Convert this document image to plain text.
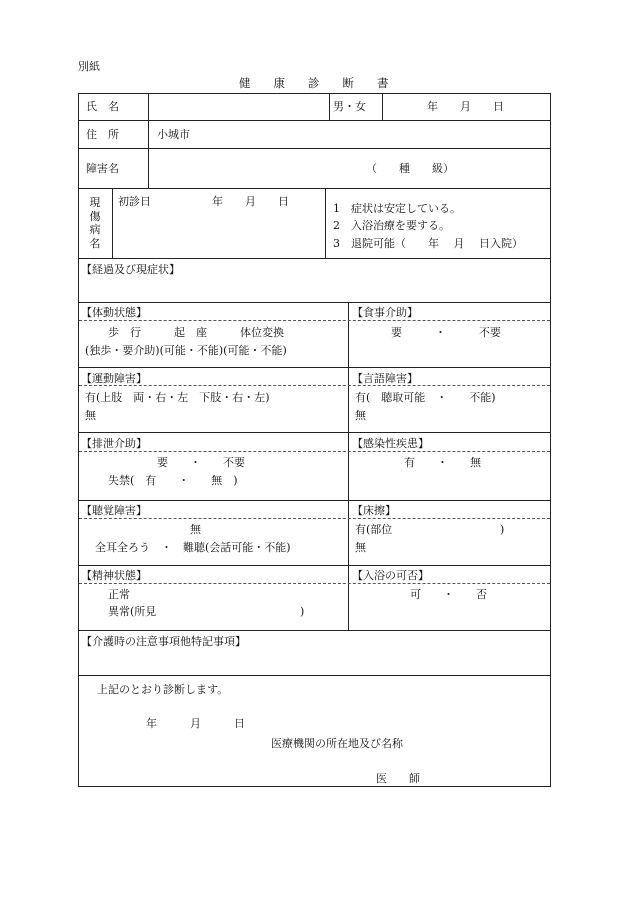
別紙
健　　康　　診　　断　　書
氏　名	男・女	年　　月　　日
住　所	小城市
障害名	（　　種　　級）
現
傷
病
名
初診日	年　　月　　日
1　症状は安定している。
2　入浴治療を要する。
3　退院可能（　　年　 月　 日入院）
【経過及び現症状】
【体動状態】
歩　行　　　起　座　　　体位変換
(独歩・要介助)(可能・不能)(可能・不能)
【食事介助】
要　　　・　　　不要
【運動障害】
有(上肢　両・右・左　下肢・右・左)
無
【言語障害】
有(　聴取可能　・　　不能)
無
【排泄介助】
要　　・　　不要
失禁(　有　　・　　無　)
【感染性疾患】
有　　・　　無
【聴覚障害】
無
全耳全ろう　・　難聴(会話可能・不能)
【床擦】
有(部位	)
無
【精神状態】
正常
異常(所見	)
【入浴の可否】
可　　・　　否
【介護時の注意事項他特記事項】
上記のとおり診断します。
年　　　月　　　日
医療機関の所在地及び名称
医　　師
